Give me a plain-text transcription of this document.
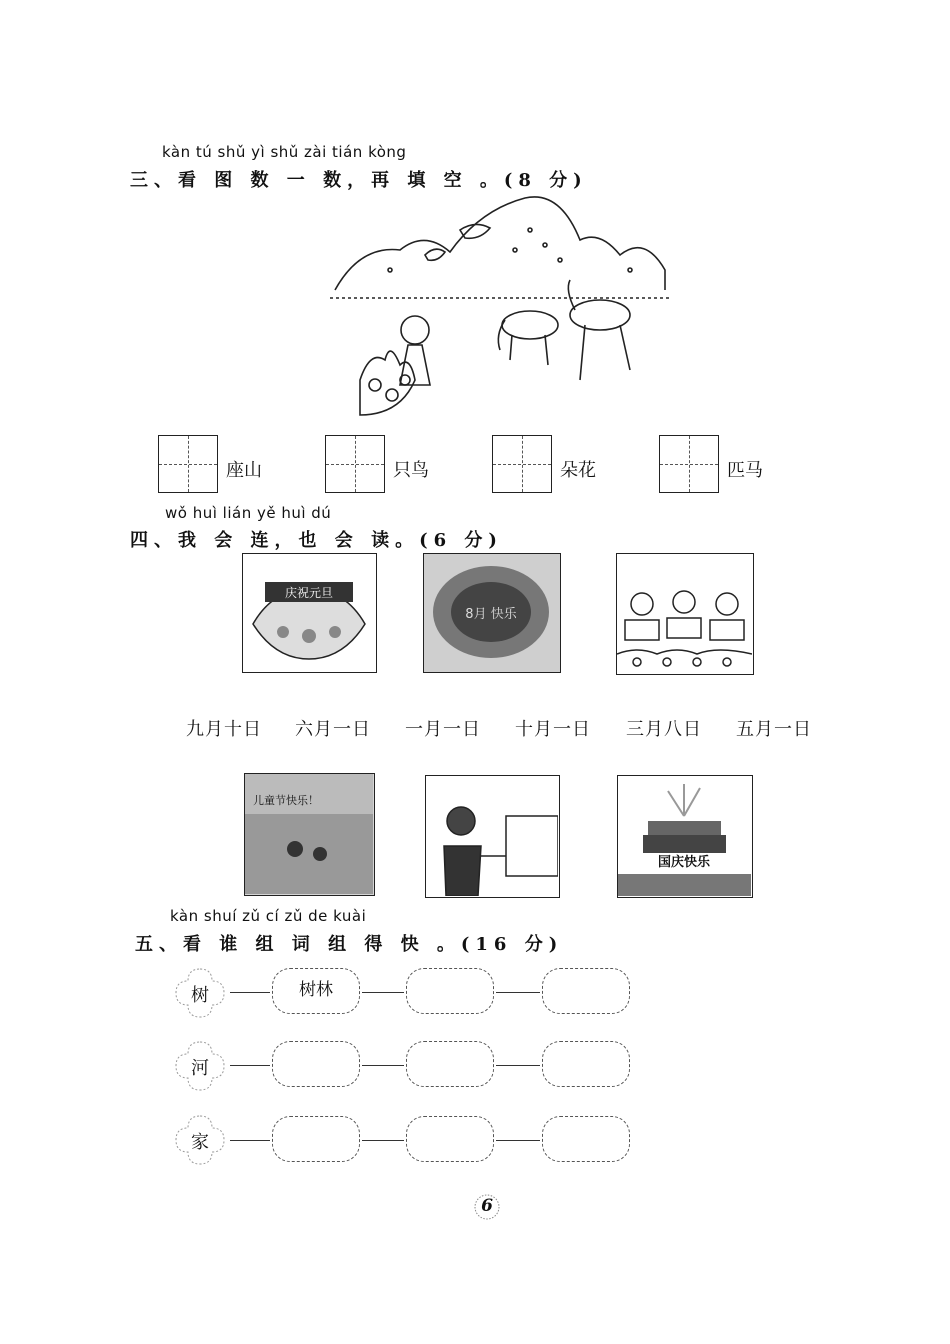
kàn tú shǔ yì shǔ zài tián kòng
三、看 图 数 一 数，再 填 空 。(8 分)
座山	只鸟	朵花	匹马
wǒ huì lián yě huì dú
四、我 会 连，也 会 读。(6 分)
庆祝元旦
8月 快乐
九月十日 六月一日 一月一日 十月一日 三月八日 五月一日
儿童节快乐！
国庆快乐
kàn shuí zǔ cí zǔ de kuài
五、看 谁 组 词 组 得 快 。(16 分)
树	树林
河
家
6
